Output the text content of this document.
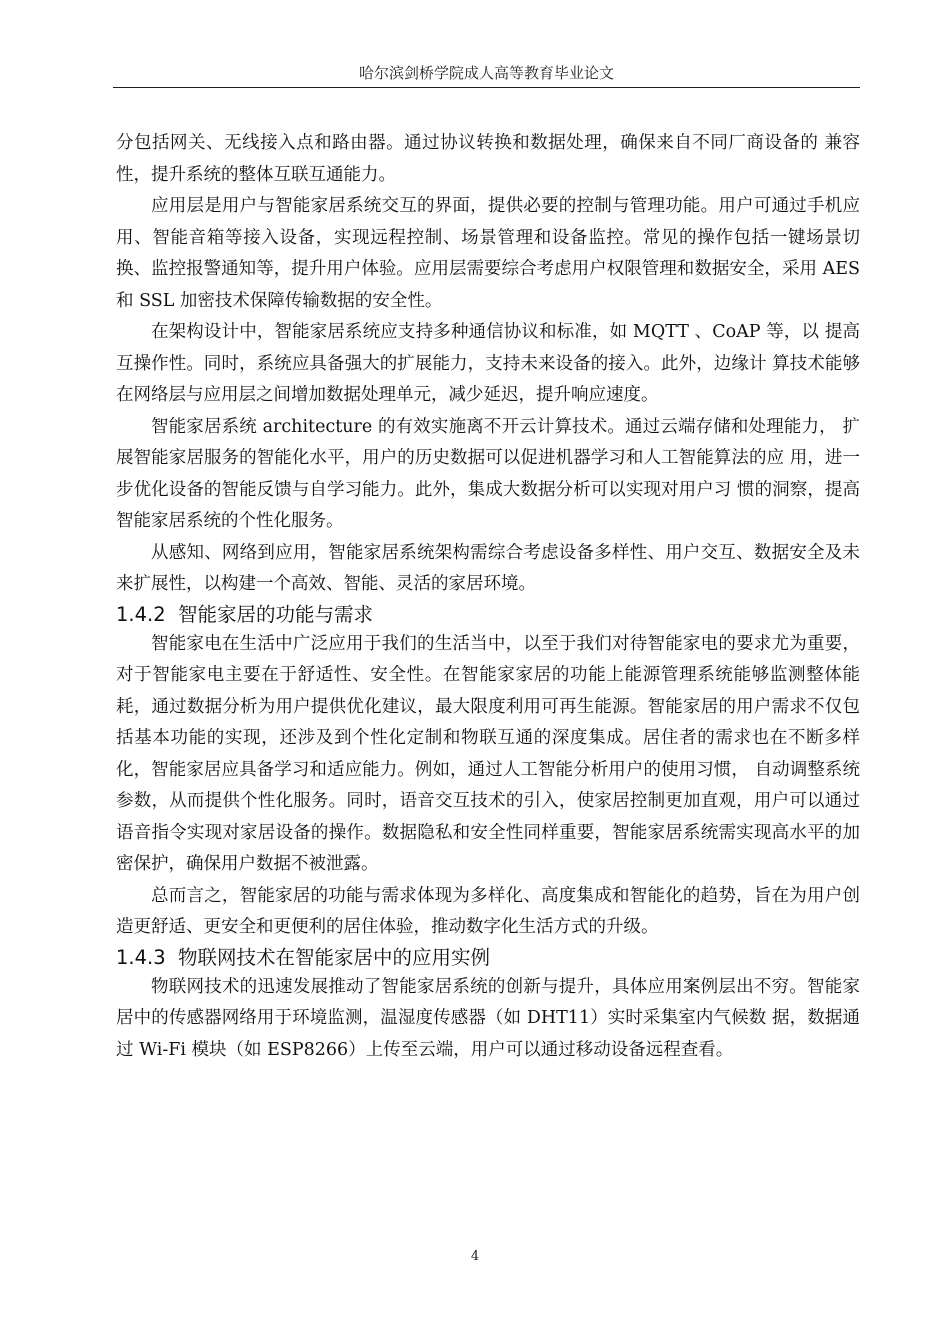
哈尔滨剑桥学院成人高等教育毕业论文

分包括网关、无线接入点和路由器。通过协议转换和数据处理，确保来自不同厂商设备的 兼容性，提升系统的整体互联互通能力。

应用层是用户与智能家居系统交互的界面，提供必要的控制与管理功能。用户可通过手机应用、智能音箱等接入设备，实现远程控制、场景管理和设备监控。常见的操作包括一键场景切换、监控报警通知等，提升用户体验。应用层需要综合考虑用户权限管理和数据安全，采用 AES 和 SSL 加密技术保障传输数据的安全性。

在架构设计中，智能家居系统应支持多种通信协议和标准，如 MQTT 、CoAP 等，以 提高互操作性。同时，系统应具备强大的扩展能力，支持未来设备的接入。此外，边缘计 算技术能够在网络层与应用层之间增加数据处理单元，减少延迟，提升响应速度。

智能家居系统 architecture 的有效实施离不开云计算技术。通过云端存储和处理能力， 扩展智能家居服务的智能化水平，用户的历史数据可以促进机器学习和人工智能算法的应 用，进一步优化设备的智能反馈与自学习能力。此外，集成大数据分析可以实现对用户习 惯的洞察，提高智能家居系统的个性化服务。

从感知、网络到应用，智能家居系统架构需综合考虑设备多样性、用户交互、数据安全及未来扩展性，以构建一个高效、智能、灵活的家居环境。

1.4.2 智能家居的功能与需求

智能家电在生活中广泛应用于我们的生活当中，以至于我们对待智能家电的要求尤为重要，对于智能家电主要在于舒适性、安全性。在智能家家居的功能上能源管理系统能够监测整体能耗，通过数据分析为用户提供优化建议，最大限度利用可再生能源。智能家居的用户需求不仅包括基本功能的实现，还涉及到个性化定制和物联互通的深度集成。居住者的需求也在不断多样化，智能家居应具备学习和适应能力。例如，通过人工智能分析用户的使用习惯， 自动调整系统参数，从而提供个性化服务。同时，语音交互技术的引入，使家居控制更加直观，用户可以通过语音指令实现对家居设备的操作。数据隐私和安全性同样重要，智能家居系统需实现高水平的加密保护，确保用户数据不被泄露。

总而言之，智能家居的功能与需求体现为多样化、高度集成和智能化的趋势，旨在为用户创造更舒适、更安全和更便利的居住体验，推动数字化生活方式的升级。

1.4.3 物联网技术在智能家居中的应用实例

物联网技术的迅速发展推动了智能家居系统的创新与提升，具体应用案例层出不穷。智能家居中的传感器网络用于环境监测，温湿度传感器（如 DHT11）实时采集室内气候数 据，数据通过 Wi-Fi 模块（如 ESP8266）上传至云端，用户可以通过移动设备远程查看。

4
